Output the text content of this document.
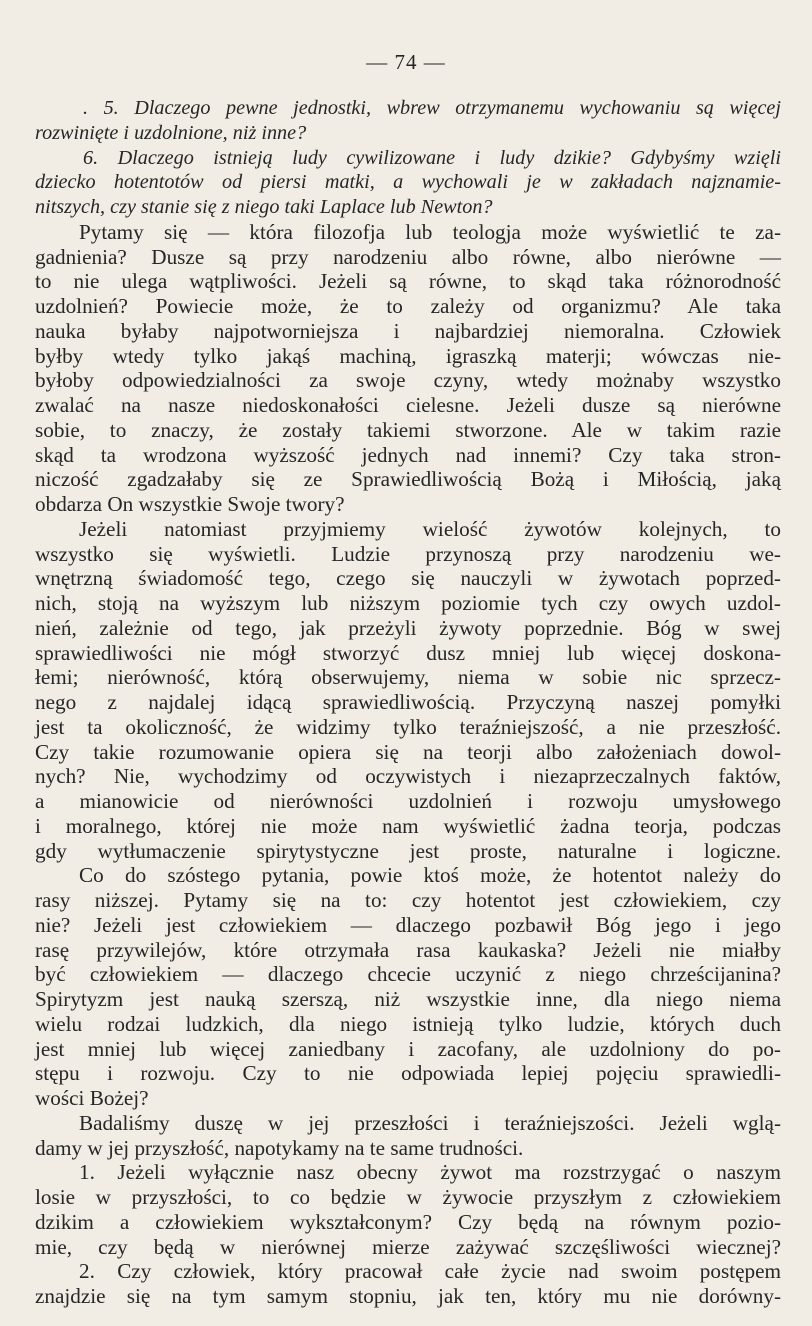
— 74 —
. 5. Dlaczego pewne jednostki, wbrew otrzymanemu wychowaniu są więcej
rozwinięte i uzdolnione, niż inne?
6. Dlaczego istnieją ludy cywilizowane i ludy dzikie? Gdybyśmy wzięli
dziecko hotentotów od piersi matki, a wychowali je w zakładach najznamie-
nitszych, czy stanie się z niego taki Laplace lub Newton?
Pytamy się — która filozofja lub teologja może wyświetlić te za-
gadnienia? Dusze są przy narodzeniu albo równe, albo nierówne —
to nie ulega wątpliwości. Jeżeli są równe, to skąd taka różnorodność
uzdolnień? Powiecie może, że to zależy od organizmu? Ale taka
nauka byłaby najpotworniejsza i najbardziej niemoralna. Człowiek
byłby wtedy tylko jakąś machiną, igraszką materji; wówczas nie-
byłoby odpowiedzialności za swoje czyny, wtedy możnaby wszystko
zwalać na nasze niedoskonałości cielesne. Jeżeli dusze są nierówne
sobie, to znaczy, że zostały takiemi stworzone. Ale w takim razie
skąd ta wrodzona wyższość jednych nad innemi? Czy taka stron-
niczość zgadzałaby się ze Sprawiedliwością Bożą i Miłością, jaką
obdarza On wszystkie Swoje twory?
Jeżeli natomiast przyjmiemy wielość żywotów kolejnych, to
wszystko się wyświetli. Ludzie przynoszą przy narodzeniu we-
wnętrzną świadomość tego, czego się nauczyli w żywotach poprzed-
nich, stoją na wyższym lub niższym poziomie tych czy owych uzdol-
nień, zależnie od tego, jak przeżyli żywoty poprzednie. Bóg w swej
sprawiedliwości nie mógł stworzyć dusz mniej lub więcej doskona-
łemi; nierówność, którą obserwujemy, niema w sobie nic sprzecz-
nego z najdalej idącą sprawiedliwością. Przyczyną naszej pomyłki
jest ta okoliczność, że widzimy tylko teraźniejszość, a nie przeszłość.
Czy takie rozumowanie opiera się na teorji albo założeniach dowol-
nych? Nie, wychodzimy od oczywistych i niezaprzeczalnych faktów,
a mianowicie od nierówności uzdolnień i rozwoju umysłowego
i moralnego, której nie może nam wyświetlić żadna teorja, podczas
gdy wytłumaczenie spirytystyczne jest proste, naturalne i logiczne.
Co do szóstego pytania, powie ktoś może, że hotentot należy do
rasy niższej. Pytamy się na to: czy hotentot jest człowiekiem, czy
nie? Jeżeli jest człowiekiem — dlaczego pozbawił Bóg jego i jego
rasę przywilejów, które otrzymała rasa kaukaska? Jeżeli nie miałby
być człowiekiem — dlaczego chcecie uczynić z niego chrześcijanina?
Spirytyzm jest nauką szerszą, niż wszystkie inne, dla niego niema
wielu rodzai ludzkich, dla niego istnieją tylko ludzie, których duch
jest mniej lub więcej zaniedbany i zacofany, ale uzdolniony do po-
stępu i rozwoju. Czy to nie odpowiada lepiej pojęciu sprawiedli-
wości Bożej?
Badaliśmy duszę w jej przeszłości i teraźniejszości. Jeżeli wglą-
damy w jej przyszłość, napotykamy na te same trudności.
1. Jeżeli wyłącznie nasz obecny żywot ma rozstrzygać o naszym
losie w przyszłości, to co będzie w żywocie przyszłym z człowiekiem
dzikim a człowiekiem wykształconym? Czy będą na równym pozio-
mie, czy będą w nierównej mierze zażywać szczęśliwości wiecznej?
2. Czy człowiek, który pracował całe życie nad swoim postępem
znajdzie się na tym samym stopniu, jak ten, który mu nie dorówny-
